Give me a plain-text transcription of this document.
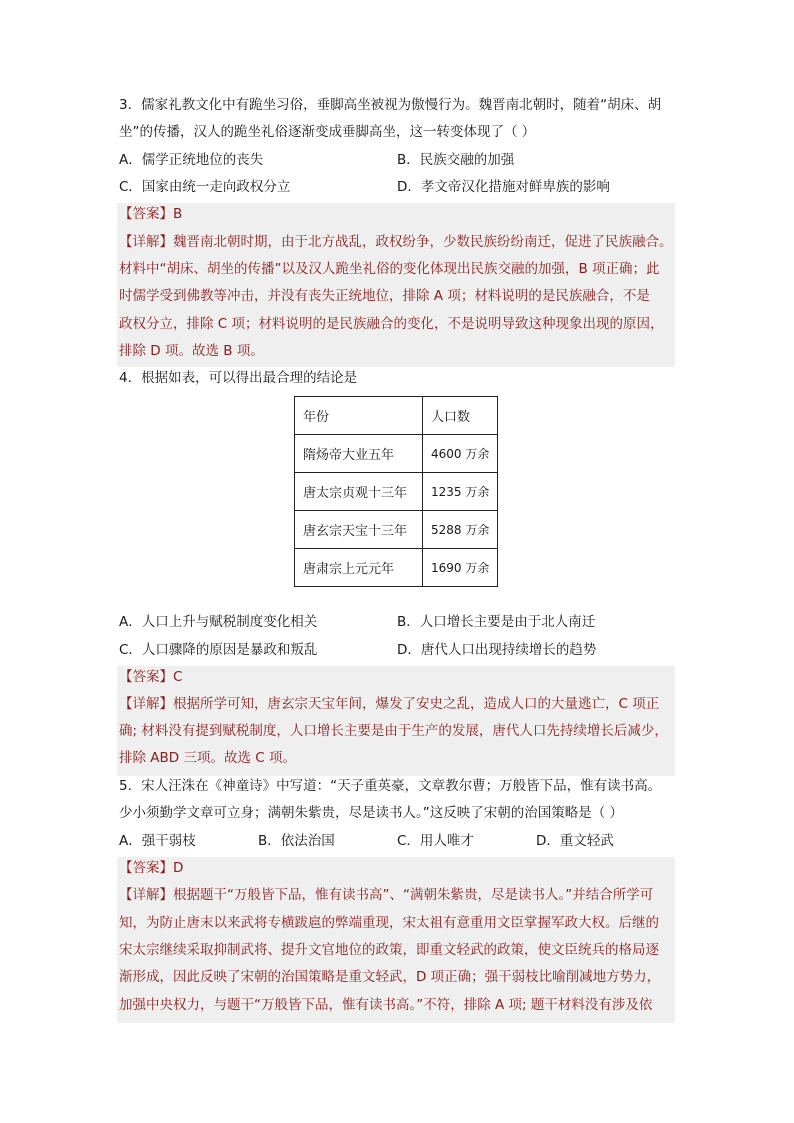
3．儒家礼教文化中有跪坐习俗，垂脚高坐被视为傲慢行为。魏晋南北朝时，随着“胡床、胡
坐”的传播，汉人的跪坐礼俗逐渐变成垂脚高坐，这一转变体现了（ ）
A．儒学正统地位的丧失	B．民族交融的加强
C．国家由统一走向政权分立	D．孝文帝汉化措施对鲜卑族的影响
【答案】B
【详解】魏晋南北朝时期，由于北方战乱，政权纷争，少数民族纷纷南迁，促进了民族融合。
材料中“胡床、胡坐的传播”以及汉人跪坐礼俗的变化体现出民族交融的加强，B 项正确；此
时儒学受到佛教等冲击，并没有丧失正统地位，排除 A 项；材料说明的是民族融合，不是
政权分立，排除 C 项；材料说明的是民族融合的变化，不是说明导致这种现象出现的原因，
排除 D 项。故选 B 项。
4．根据如表，可以得出最合理的结论是
年份	人口数
隋炀帝大业五年	4600 万余
唐太宗贞观十三年	1235 万余
唐玄宗天宝十三年	5288 万余
唐肃宗上元元年	1690 万余
A．人口上升与赋税制度变化相关	B．人口增长主要是由于北人南迁
C．人口骤降的原因是暴政和叛乱	D．唐代人口出现持续增长的趋势
【答案】C
【详解】根据所学可知，唐玄宗天宝年间，爆发了安史之乱，造成人口的大量逃亡，C 项正
确; 材料没有提到赋税制度，人口增长主要是由于生产的发展，唐代人口先持续增长后减少，
排除 ABD 三项。故选 C 项。
5．宋人汪洙在《神童诗》中写道：“天子重英豪，文章教尔曹；万般皆下品，惟有读书高。
少小须勤学文章可立身；满朝朱紫贵，尽是读书人。”这反映了宋朝的治国策略是（ ）
A．强干弱枝	B．依法治国	C．用人唯才	D．重文轻武
【答案】D
【详解】根据题干“万般皆下品，惟有读书高”、“满朝朱紫贵，尽是读书人。”并结合所学可
知，为防止唐末以来武将专横跋扈的弊端重现，宋太祖有意重用文臣掌握军政大权。后继的
宋太宗继续采取抑制武将、提升文官地位的政策，即重文轻武的政策，使文臣统兵的格局逐
渐形成，因此反映了宋朝的治国策略是重文轻武，D 项正确；强干弱枝比喻削减地方势力，
加强中央权力，与题干“万般皆下品，惟有读书高。”不符，排除 A 项; 题干材料没有涉及依
